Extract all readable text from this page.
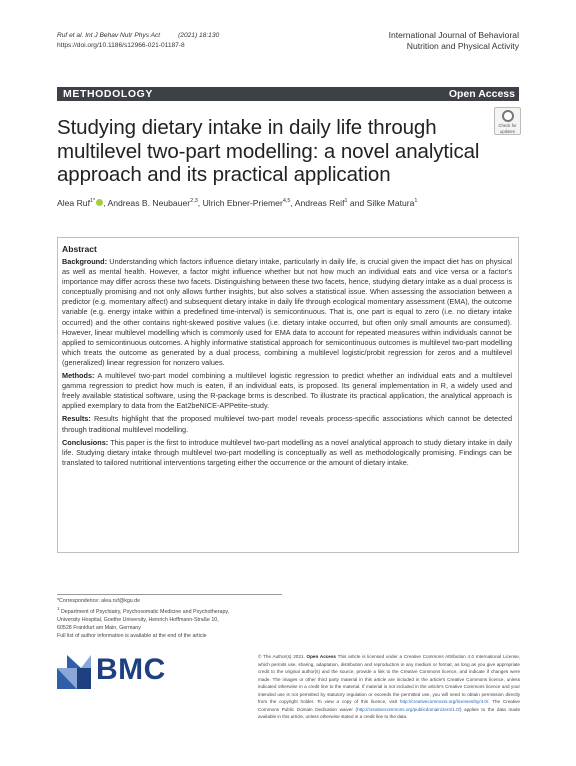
Ruf et al. Int J Behav Nutr Phys Act	(2021) 18:130
https://doi.org/10.1186/s12966-021-01187-8
International Journal of Behavioral
Nutrition and Physical Activity
METHODOLOGY	Open Access
Check for
updates
Studying dietary intake in daily life through multilevel two-part modelling: a novel analytical approach and its practical application
Alea Ruf$^{1*}$ , Andreas B. Neubauer$^{2,3}$, Ulrich Ebner-Priemer$^{4,5}$, Andreas Reif$^1$ and Silke Matura$^1$
Abstract

Background: Understanding which factors influence dietary intake, particularly in daily life, is crucial given the impact diet has on physical as well as mental health. However, a factor might influence whether but not how much an individual eats and vice versa or a factor's importance may differ across these two facets. Distinguishing between these two facets, hence, studying dietary intake as a dual process is conceptually promising and not only allows further insights, but also solves a statistical issue. When assessing the association between a predictor (e.g. momentary affect) and subsequent dietary intake in daily life through ecological momentary assessment (EMA), the outcome variable (e.g. energy intake within a predefined time-interval) is semicontinuous. That is, one part is equal to zero (i.e. no dietary intake occurred) and the other contains right-skewed positive values (i.e. dietary intake occurred, but often only small amounts are consumed). However, linear multilevel modelling which is commonly used for EMA data to account for repeated measures within individuals cannot be applied to semicontinuous outcomes. A highly informative statistical approach for semicontinuous outcomes is multilevel two-part modelling which treats the outcome as generated by a dual process, combining a multilevel logistic/probit regression for zeros and a multilevel (generalized) linear regression for nonzero values.

Methods: A multilevel two-part model combining a multilevel logistic regression to predict whether an individual eats and a multilevel gamma regression to predict how much is eaten, if an individual eats, is proposed. Its general implementation in R, a widely used and freely available statistical software, using the R-package brms is described. To illustrate its practical application, the analytical approach is applied exemplary to data from the Eat2beNICE-APPetite-study.

Results: Results highlight that the proposed multilevel two-part model reveals process-specific associations which cannot be detected through traditional multilevel modelling.

Conclusions: This paper is the first to introduce multilevel two-part modelling as a novel analytical approach to study dietary intake in daily life. Studying dietary intake through multilevel two-part modelling is conceptually as well as methodologically promising. Findings can be translated to tailored nutritional interventions targeting either the occurrence or the amount of dietary intake.

*Correspondence: alea.ruf@kgu.de
$^1$ Department of Psychiatry, Psychosomatic Medicine and Psychotherapy,
University Hospital, Goethe University, Heinrich Hoffmann-Straße 10,
60528 Frankfurt am Main, Germany
Full list of author information is available at the end of the article
BMC	© The Author(s) 2021. Open Access This article is licensed under a Creative Commons Attribution 4.0 International License, which permits use, sharing, adaptation, distribution and reproduction in any medium or format, as long as you give appropriate credit to the original author(s) and the source, provide a link to the Creative Commons licence, and indicate if changes were made. The images or other third party material in this article are included in the article's Creative Commons licence, unless indicated otherwise in a credit line to the material. If material is not included in the article's Creative Commons licence and your intended use is not permitted by statutory regulation or exceeds the permitted use, you will need to obtain permission directly from the copyright holder. To view a copy of this licence, visit http://creativecommons.org/licenses/by/4.0/. The Creative Commons Public Domain Dedication waiver (http://creativecommons.org/publicdomain/zero/1.0/) applies to the data made available in this article, unless otherwise stated in a credit line to the data.
